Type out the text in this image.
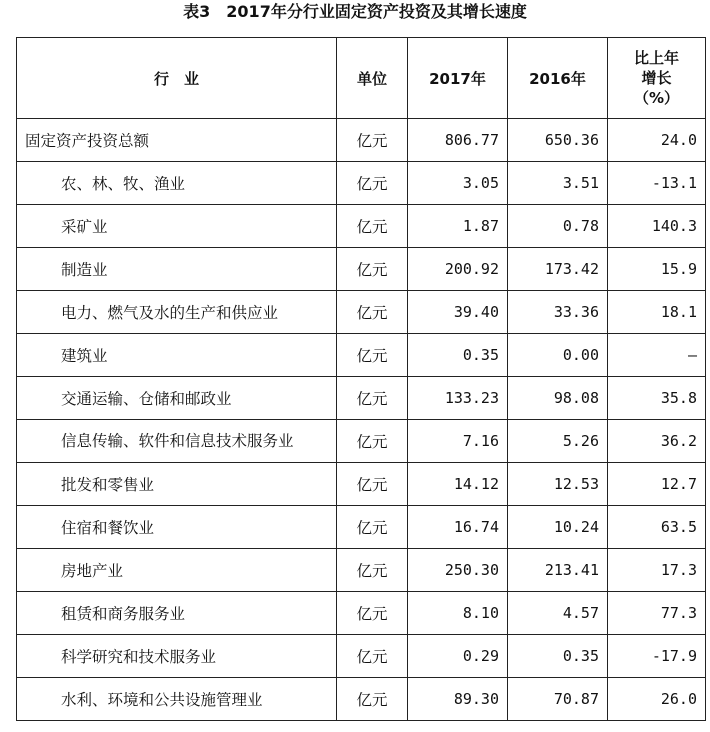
表3　2017年分行业固定资产投资及其增长速度
行　业	单位	2017年	2016年	比上年
增长
（%）

固定资产投资总额	亿元	806.77	650.36	24.0
农、林、牧、渔业	亿元	3.05	3.51	-13.1
采矿业	亿元	1.87	0.78	140.3
制造业	亿元	200.92	173.42	15.9
电力、燃气及水的生产和供应业	亿元	39.40	33.36	18.1
建筑业	亿元	0.35	0.00	—
交通运输、仓储和邮政业	亿元	133.23	98.08	35.8
信息传输、软件和信息技术服务业	亿元	7.16	5.26	36.2
批发和零售业	亿元	14.12	12.53	12.7
住宿和餐饮业	亿元	16.74	10.24	63.5
房地产业	亿元	250.30	213.41	17.3
租赁和商务服务业	亿元	8.10	4.57	77.3
科学研究和技术服务业	亿元	0.29	0.35	-17.9
水利、环境和公共设施管理业	亿元	89.30	70.87	26.0
